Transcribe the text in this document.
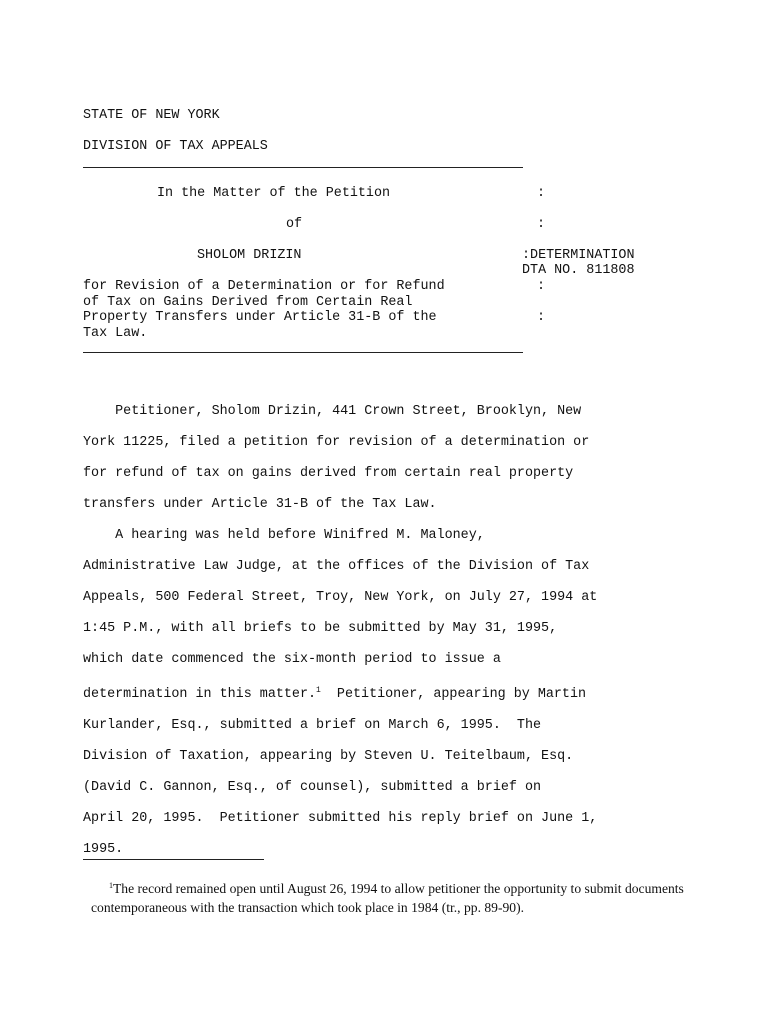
STATE OF NEW YORK
DIVISION OF TAX APPEALS
In the Matter of the Petition
of
SHOLOM DRIZIN
for Revision of a Determination or for Refund
of Tax on Gains Derived from Certain Real
Property Transfers under Article 31-B of the
Tax Law.
:
:
:DETERMINATION
DTA NO. 811808
:
:

Petitioner, Sholom Drizin, 441 Crown Street, Brooklyn, New
York 11225, filed a petition for revision of a determination or
for refund of tax on gains derived from certain real property
transfers under Article 31-B of the Tax Law.
A hearing was held before Winifred M. Maloney,
Administrative Law Judge, at the offices of the Division of Tax
Appeals, 500 Federal Street, Troy, New York, on July 27, 1994 at
1:45 P.M., with all briefs to be submitted by May 31, 1995,
which date commenced the six-month period to issue a
determination in this matter.$^1$  Petitioner, appearing by Martin
Kurlander, Esq., submitted a brief on March 6, 1995.  The
Division of Taxation, appearing by Steven U. Teitelbaum, Esq.
(David C. Gannon, Esq., of counsel), submitted a brief on
April 20, 1995.  Petitioner submitted his reply brief on June 1,
1995.

$^1$The record remained open until August 26, 1994 to allow petitioner the opportunity to submit documents contemporaneous with the transaction which took place in 1984 (tr., pp. 89-90).
